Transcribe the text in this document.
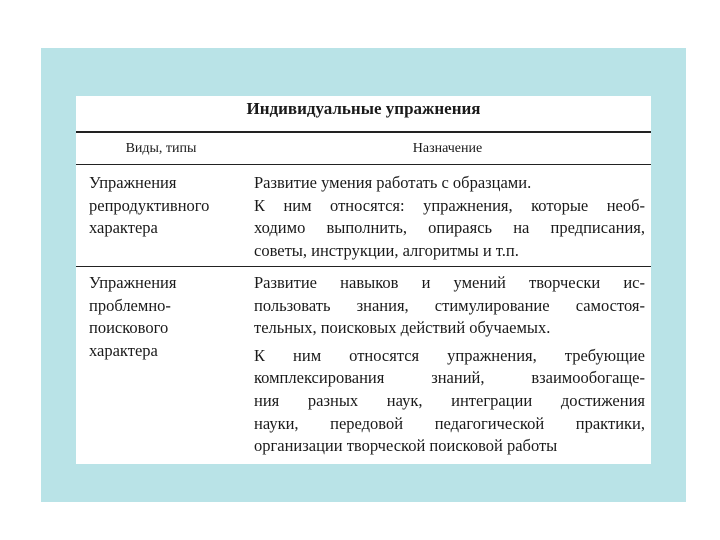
Индивидуальные упражнения
Виды, типы	Назначение
Упражнения
репродуктивного
характера
Развитие умения работать с образцами.
К ним относятся: упражнения, которые необ-
ходимо выполнить, опираясь на предписания,
советы, инструкции, алгоритмы и т.п.
Упражнения
проблемно-
поискового
характера
Развитие навыков и умений творчески ис-
пользовать знания, стимулирование самостоя-
тельных, поисковых действий обучаемых.
К ним относятся упражнения, требующие
комплексирования знаний, взаимообогаще-
ния разных наук, интеграции достижения
науки, передовой педагогической практики,
организации творческой поисковой работы
